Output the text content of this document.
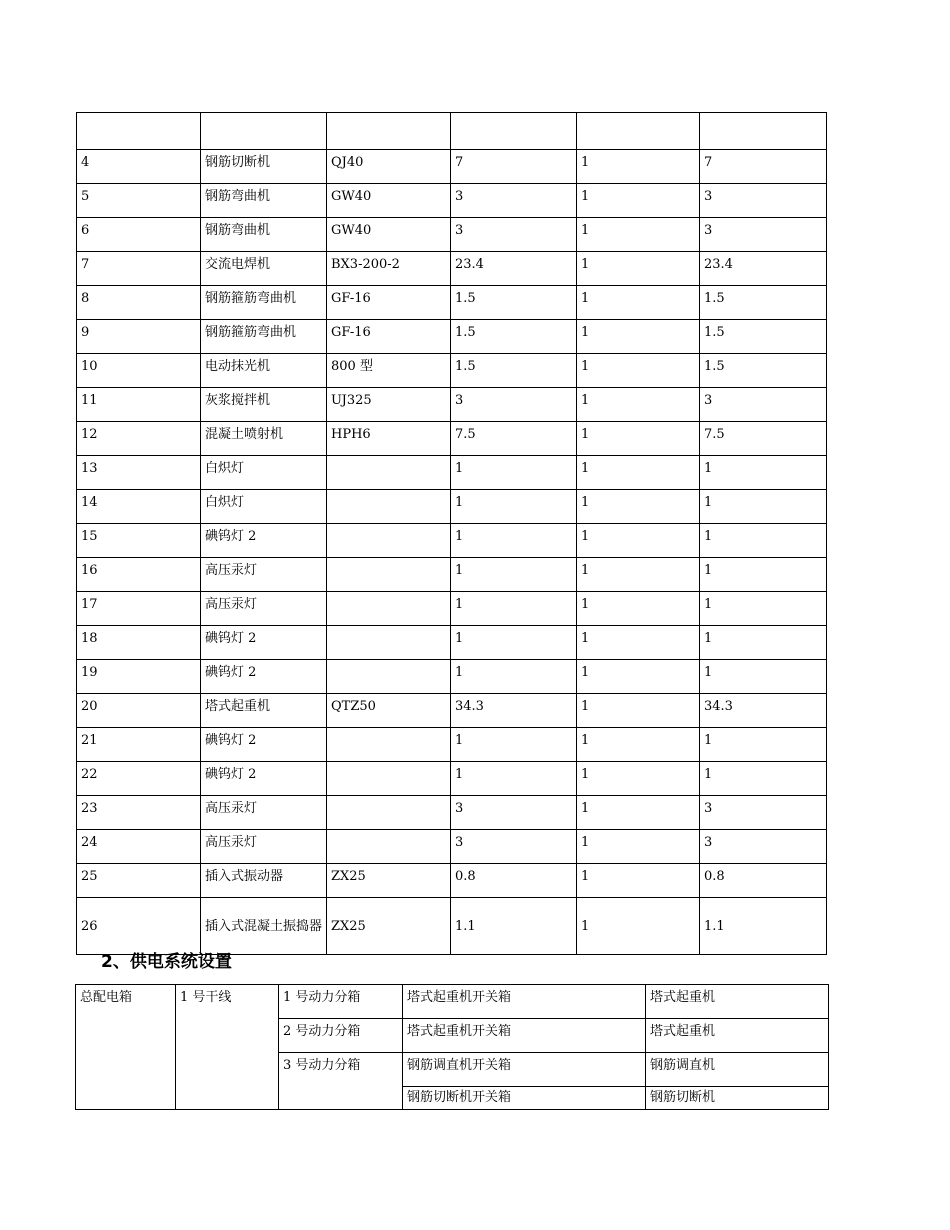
4	钢筋切断机	QJ40	7	1	7
5	钢筋弯曲机	GW40	3	1	3
6	钢筋弯曲机	GW40	3	1	3
7	交流电焊机	BX3-200-2	23.4	1	23.4
8	钢筋箍筋弯曲机	GF-16	1.5	1	1.5
9	钢筋箍筋弯曲机	GF-16	1.5	1	1.5
10	电动抹光机	800 型	1.5	1	1.5
11	灰浆搅拌机	UJ325	3	1	3
12	混凝土喷射机	HPH6	7.5	1	7.5
13	白炽灯		1	1	1
14	白炽灯		1	1	1
15	碘钨灯 2		1	1	1
16	高压汞灯		1	1	1
17	高压汞灯		1	1	1
18	碘钨灯 2		1	1	1
19	碘钨灯 2		1	1	1
20	塔式起重机	QTZ50	34.3	1	34.3
21	碘钨灯 2		1	1	1
22	碘钨灯 2		1	1	1
23	高压汞灯		3	1	3
24	高压汞灯		3	1	3
25	插入式振动器	ZX25	0.8	1	0.8
26	插入式混凝土振捣器	ZX25	1.1	1	1.1
2、供电系统设置
总配电箱	1 号干线	1 号动力分箱	塔式起重机开关箱	塔式起重机
		2 号动力分箱	塔式起重机开关箱	塔式起重机
		3 号动力分箱	钢筋调直机开关箱	钢筋调直机
			钢筋切断机开关箱	钢筋切断机
